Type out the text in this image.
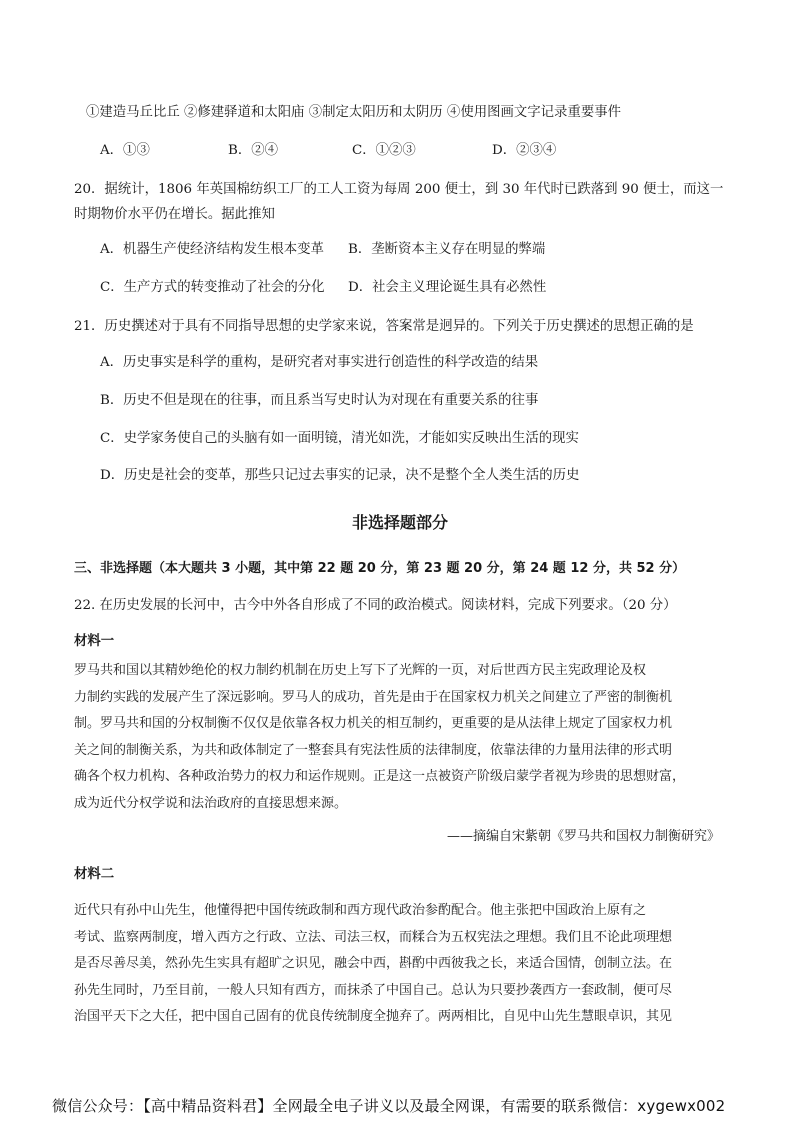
①建造马丘比丘 ②修建驿道和太阳庙 ③制定太阳历和太阴历 ④使用图画文字记录重要事件
A．①③	B．②④	C．①②③	D．②③④
20．据统计，1806 年英国棉纺织工厂的工人工资为每周 200 便士，到 30 年代时已跌落到 90 便士，而这一
时期物价水平仍在增长。据此推知
A．机器生产使经济结构发生根本变革 B．垄断资本主义存在明显的弊端
C．生产方式的转变推动了社会的分化 D．社会主义理论诞生具有必然性
21．历史撰述对于具有不同指导思想的史学家来说，答案常是迥异的。下列关于历史撰述的思想正确的是
A．历史事实是科学的重构，是研究者对事实进行创造性的科学改造的结果
B．历史不但是现在的往事，而且系当写史时认为对现在有重要关系的往事
C．史学家务使自己的头脑有如一面明镜，清光如洗，才能如实反映出生活的现实
D．历史是社会的变革，那些只记过去事实的记录，决不是整个全人类生活的历史
非选择题部分
三、非选择题（本大题共 3 小题，其中第 22 题 20 分，第 23 题 20 分，第 24 题 12 分，共 52 分）
22. 在历史发展的长河中，古今中外各自形成了不同的政治模式。阅读材料，完成下列要求。（20 分）
材料一

罗马共和国以其精妙绝伦的权力制约机制在历史上写下了光辉的一页，对后世西方民主宪政理论及权

力制约实践的发展产生了深远影响。罗马人的成功，首先是由于在国家权力机关之间建立了严密的制衡机

制。罗马共和国的分权制衡不仅仅是依靠各权力机关的相互制约，更重要的是从法律上规定了国家权力机

关之间的制衡关系，为共和政体制定了一整套具有宪法性质的法律制度，依靠法律的力量用法律的形式明

确各个权力机构、各种政治势力的权力和运作规则。正是这一点被资产阶级启蒙学者视为珍贵的思想财富，

成为近代分权学说和法治政府的直接思想来源。

——摘编自宋紫朝《罗马共和国权力制衡研究》
材料二

近代只有孙中山先生，他懂得把中国传统政制和西方现代政治参酌配合。他主张把中国政治上原有之

考试、监察两制度，增入西方之行政、立法、司法三权，而糅合为五权宪法之理想。我们且不论此项理想

是否尽善尽美，然孙先生实具有超旷之识见，融会中西，斟酌中西彼我之长，来适合国情，创制立法。在

孙先生同时，乃至目前，一般人只知有西方，而抹杀了中国自己。总认为只要抄袭西方一套政制，便可尽

治国平天下之大任，把中国自己固有的优良传统制度全抛弃了。两两相比，自见中山先生慧眼卓识，其见

微信公众号：【高中精品资料君】全网最全电子讲义以及最全网课，有需要的联系微信：xygewx002
